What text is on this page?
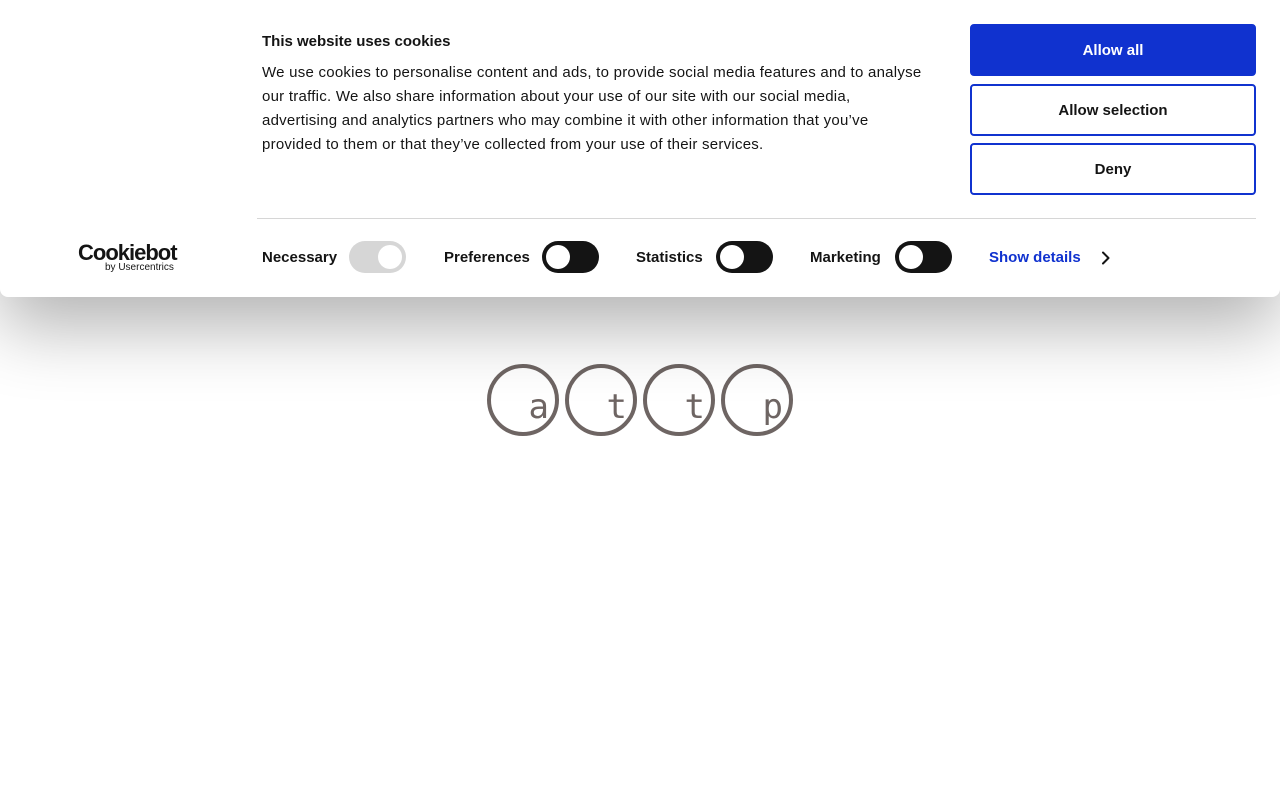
a t t p
Cookiebot
by Usercentrics
This website uses cookies

We use cookies to personalise content and ads, to provide social media features and to analyse our traffic. We also share information about your use of our site with our social media, advertising and analytics partners who may combine it with other information that you’ve provided to them or that they’ve collected from your use of their services.

Allow all
Allow selection
Deny
Necessary	Preferences	Statistics	Marketing	Show details
